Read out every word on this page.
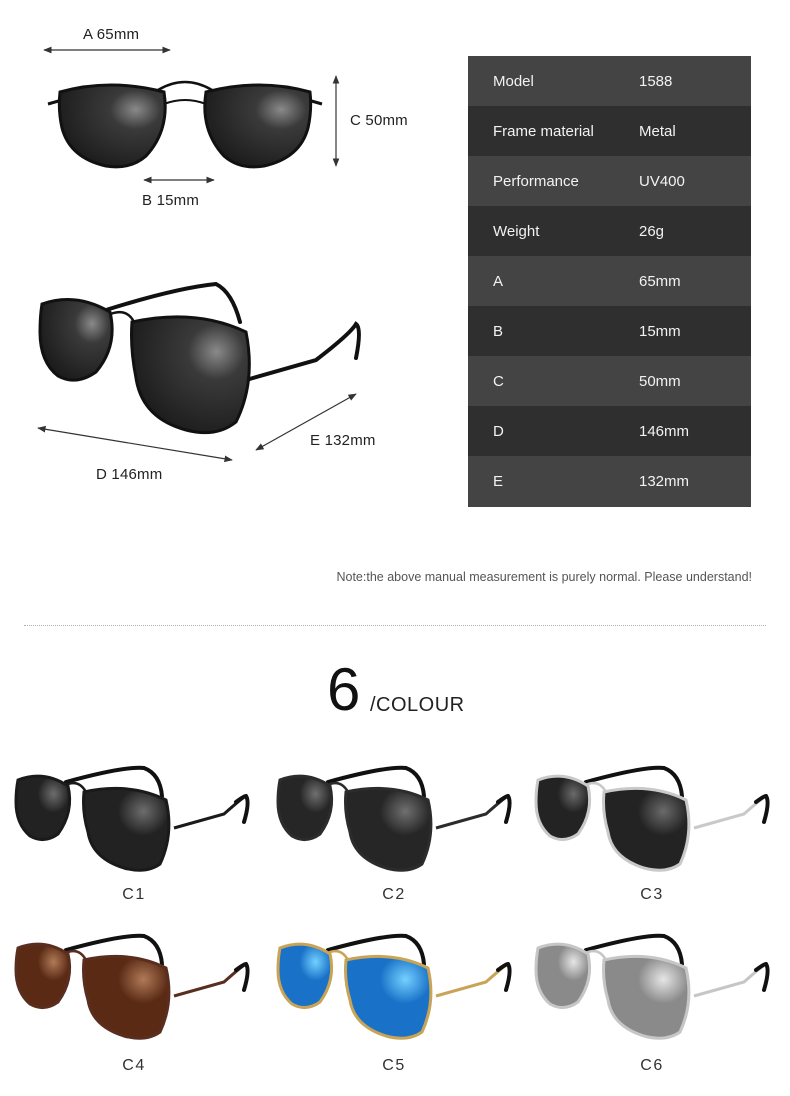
A 65mm
B 15mm
C 50mm
D 146mm
E 132mm
Model	1588
Frame material	Metal
Performance	UV400
Weight	26g
A	65mm
B	15mm
C	50mm
D	146mm
E	132mm
Note:the above manual measurement is purely normal. Please understand!
6 /COLOUR
C1	C2	C3
C4	C5	C6
